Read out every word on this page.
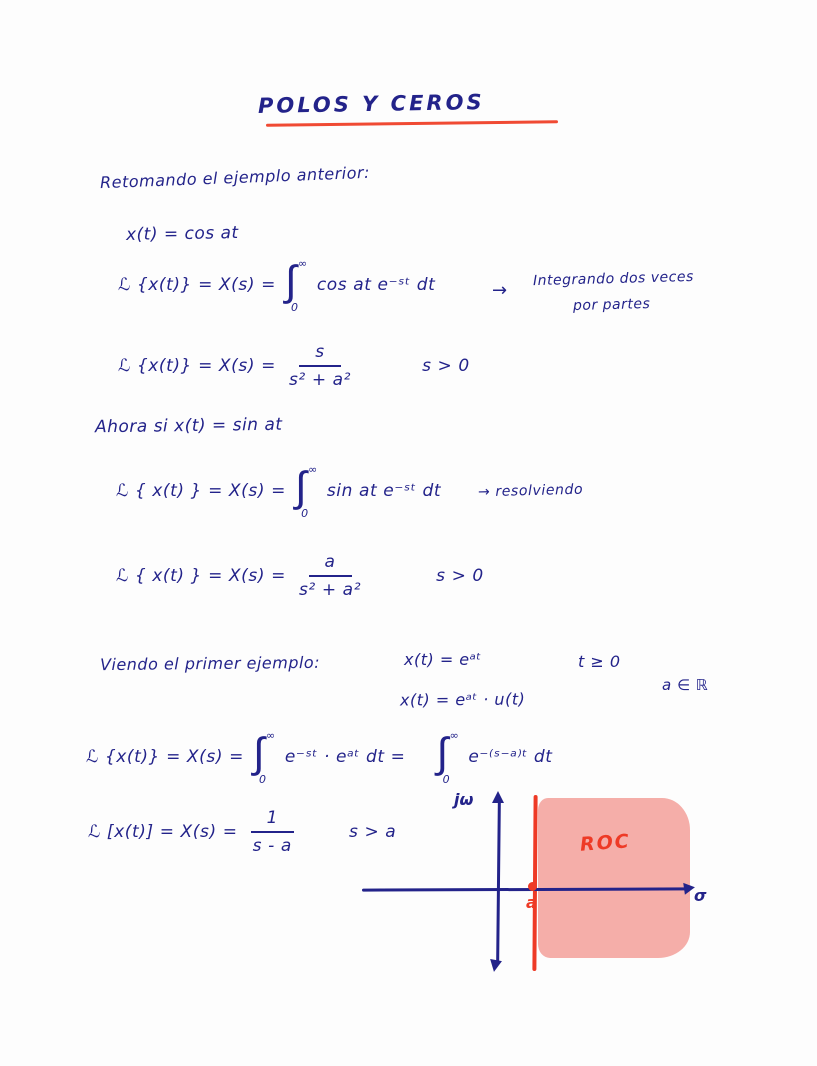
POLOS Y CEROS
Retomando el ejemplo anterior:
x(t) = cos at
ℒ {x(t)} = X(s) = ∫ ∞
0
cos at e⁻ˢᵗ dt	→
Integrando dos veces
por partes
ℒ $\{x(t)\} = X(s) = \frac{s}{\text{s² + a²}}$	s > 0
Ahora si x(t) = sin at
ℒ { x(t) } = X(s) = ∫ ∞
0
sin at e⁻ˢᵗ dt	→ resolviendo
ℒ { x(t) } = $X(s) = \frac{a}{\text{s² + a²}}$	s > 0
Viendo el primer ejemplo:	x(t) = eᵃᵗ	t ≥ 0
a ∈ ℝ
x(t) = eᵃᵗ · u(t)
ℒ {x(t)} = X(s) = ∫ ∞
0
e⁻ˢᵗ · eᵃᵗ dt = ∫ ∞
0
e⁻⁽ˢ⁻ᵃ⁾ᵗ dt
ℒ $[x(t)] = X(s) = \frac{1}{s - a}$	s > a
jω
σ
ROC
a
